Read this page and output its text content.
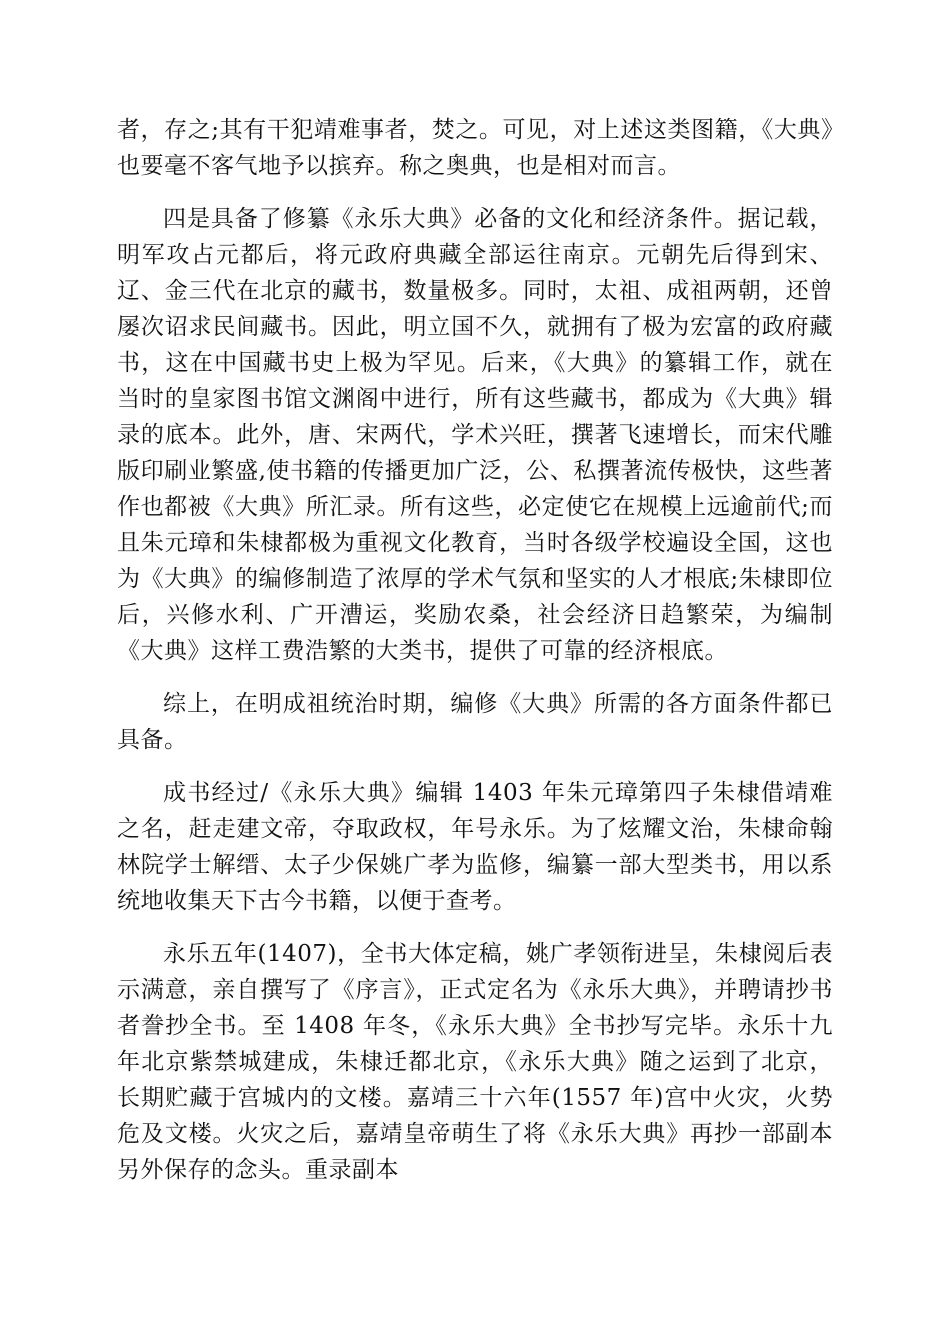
者，存之;其有干犯靖难事者，焚之。可见，对上述这类图籍，《大典》也要毫不客气地予以摈弃。称之奥典，也是相对而言。

四是具备了修纂《永乐大典》必备的文化和经济条件。据记载，明军攻占元都后，将元政府典藏全部运往南京。元朝先后得到宋、辽、金三代在北京的藏书，数量极多。同时，太祖、成祖两朝，还曾屡次诏求民间藏书。因此，明立国不久，就拥有了极为宏富的政府藏书，这在中国藏书史上极为罕见。后来，《大典》的纂辑工作，就在当时的皇家图书馆文渊阁中进行，所有这些藏书，都成为《大典》辑录的底本。此外，唐、宋两代，学术兴旺，撰著飞速增长，而宋代雕版印刷业繁盛,使书籍的传播更加广泛，公、私撰著流传极快，这些著作也都被《大典》所汇录。所有这些，必定使它在规模上远逾前代;而且朱元璋和朱棣都极为重视文化教育，当时各级学校遍设全国，这也为《大典》的编修制造了浓厚的学术气氛和坚实的人才根底;朱棣即位后，兴修水利、广开漕运，奖励农桑，社会经济日趋繁荣，为编制《大典》这样工费浩繁的大类书，提供了可靠的经济根底。

综上，在明成祖统治时期，编修《大典》所需的各方面条件都已具备。

成书经过/《永乐大典》编辑 1403 年朱元璋第四子朱棣借靖难之名，赶走建文帝，夺取政权，年号永乐。为了炫耀文治，朱棣命翰林院学士解缙、太子少保姚广孝为监修，编纂一部大型类书，用以系统地收集天下古今书籍，以便于查考。

永乐五年(1407)，全书大体定稿，姚广孝领衔进呈，朱棣阅后表示满意，亲自撰写了《序言》，正式定名为《永乐大典》，并聘请抄书者誊抄全书。至 1408 年冬，《永乐大典》全书抄写完毕。永乐十九年北京紫禁城建成，朱棣迁都北京，《永乐大典》随之运到了北京，长期贮藏于宫城内的文楼。嘉靖三十六年(1557 年)宫中火灾，火势危及文楼。火灾之后，嘉靖皇帝萌生了将《永乐大典》再抄一部副本另外保存的念头。重录副本
